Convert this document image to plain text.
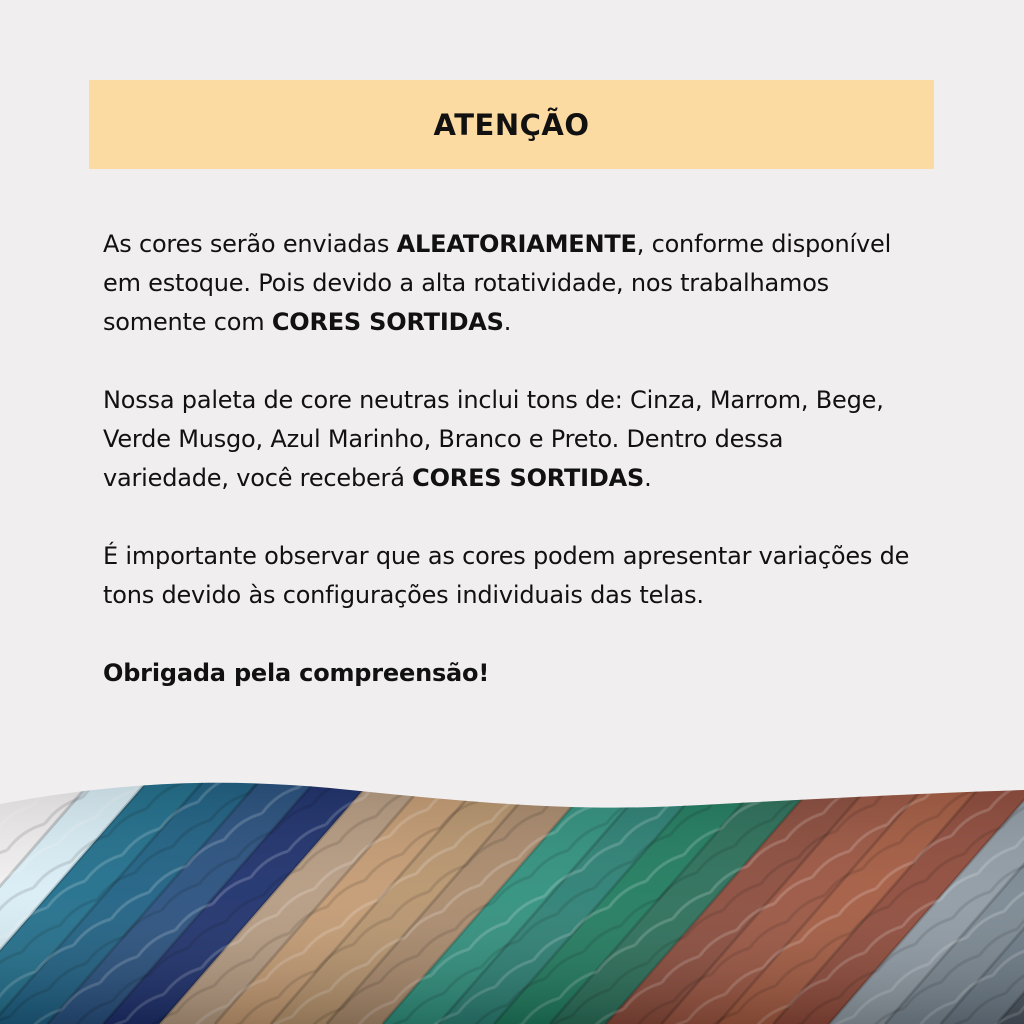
ATENÇÃO

As cores serão enviadas ALEATORIAMENTE, conforme disponível em estoque. Pois devido a alta rotatividade, nos trabalhamos somente com CORES SORTIDAS.

Nossa paleta de core neutras inclui tons de: Cinza, Marrom, Bege, Verde Musgo, Azul Marinho, Branco e Preto. Dentro dessa variedade, você receberá CORES SORTIDAS.

É importante observar que as cores podem apresentar variações de tons devido às configurações individuais das telas.

Obrigada pela compreensão!
